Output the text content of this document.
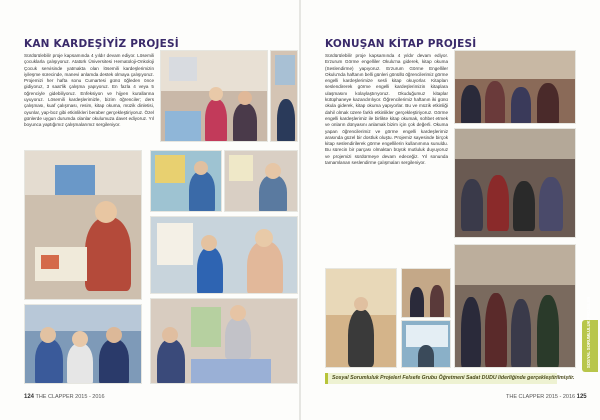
KAN KARDEŞİYİZ PROJESİ
Sürdürülebilir proje kapsamında 4 yıldır devam ediyor. Lösemili çocuklarla çalışıyoruz. Atatürk Üniversitesi Hematoloji-Onkoloji Çocuk servisinde yatmakta olan lösemili kardeşlerimizin iyileşme sürecinde, manevi anlamda destek olmaya çalışıyoruz. Projemizi her hafta sonu Cumartesi günü öğleden önce gidiyoruz, 3 saat'lik çalışma yapıyoruz. En fazla 4 veya 5 öğrenciyle gidebiliyoruz. Enfeksiyon ve hijyen kurallarına uyuyoruz. Lösemili kardeşlerimizle, bizim öğrenciler; ders çalışması, kuaf çalışması, resim, kitap okuma, müzik dinletisi, oyunlar, yap-boz gibi etkinlikleri beraber gerçekleştiriyoruz. Özel günlerde uygun durumda olanlar okulumuza davet ediyoruz. Yıl boyunca yaptığımız çalışmalarımız sergileniyor.
124 THE CLAPPER 2015 - 2016
KONUŞAN KİTAP PROJESİ
Sürdürülebilir proje kapsamında 4 yıldır devam ediyor. Erzurum Görme engelliler Okulu'na giderek, kitap okuma (Seslendirme) yapıyoruz. Erzurum Görme Engelliler Okulu'nda haftanın belli günleri gönüllü öğrencilerimiz görme engelli kardeşlerimize sesli kitap okuyorlar. Kitapları seslendirerek görme engelli kardeşlerimizin kitaplara ulaşmasını kolaylaştırıyoruz. Okuduğumuz kitaplar kütüphaneye kazandırılıyor. Öğrencilerimiz haftanın iki günü okula giderek, kitap okuma yapıyorlar. Bu ve müzik etkinliği dahil olmak üzere farklı etkinlikler gerçekleştiriyoruz. Görme engelli kardeşlerimiz ile birlikte kitap okumak, sohbet etmek ve onların dünyasını anlamak bizim için çok değerli. Okuma yapan öğrencilerimiz ve görme engelli kardeşlerimiz arasında güzel bir dostluk oluştu. Projemiz sayesinde birçok kitap seslendirilerek görme engellilerin kullanımına sunuldu. Bu sürecin bir parçası olmaktan büyük mutluluk duyuyoruz ve projemizi sürdürmeye devam edeceğiz. Yıl sonunda tamamlanan seslendirme çalışmaları sergileniyor.
Sosyal Sorumluluk Projeleri Felsefe Grubu Öğretmeni Sadat DUDU liderliğinde gerçekleştirilmiştir.
SOSYAL SORUMLULUK PROJELER
THE CLAPPER 2015 - 2016 125
